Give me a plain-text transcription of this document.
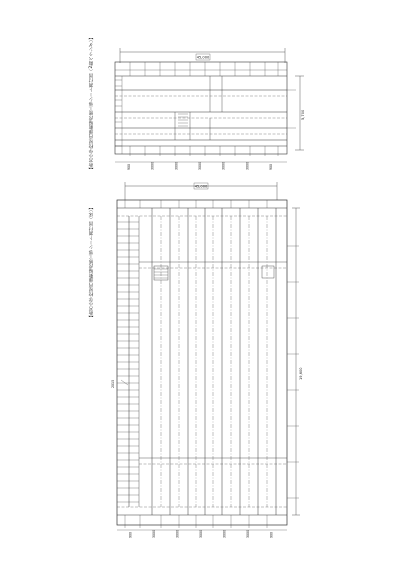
【新宮小学校屋内運動場改修工事シート割付図（2階ベランダ）】
【新宮小学校屋内運動場改修工事シート割付図（床）】
45,000
5,700
900	3000	3000	3000	3000	3000	900
45,000
19,600
2015
900	3000	3000	3000	3000	3000	900
